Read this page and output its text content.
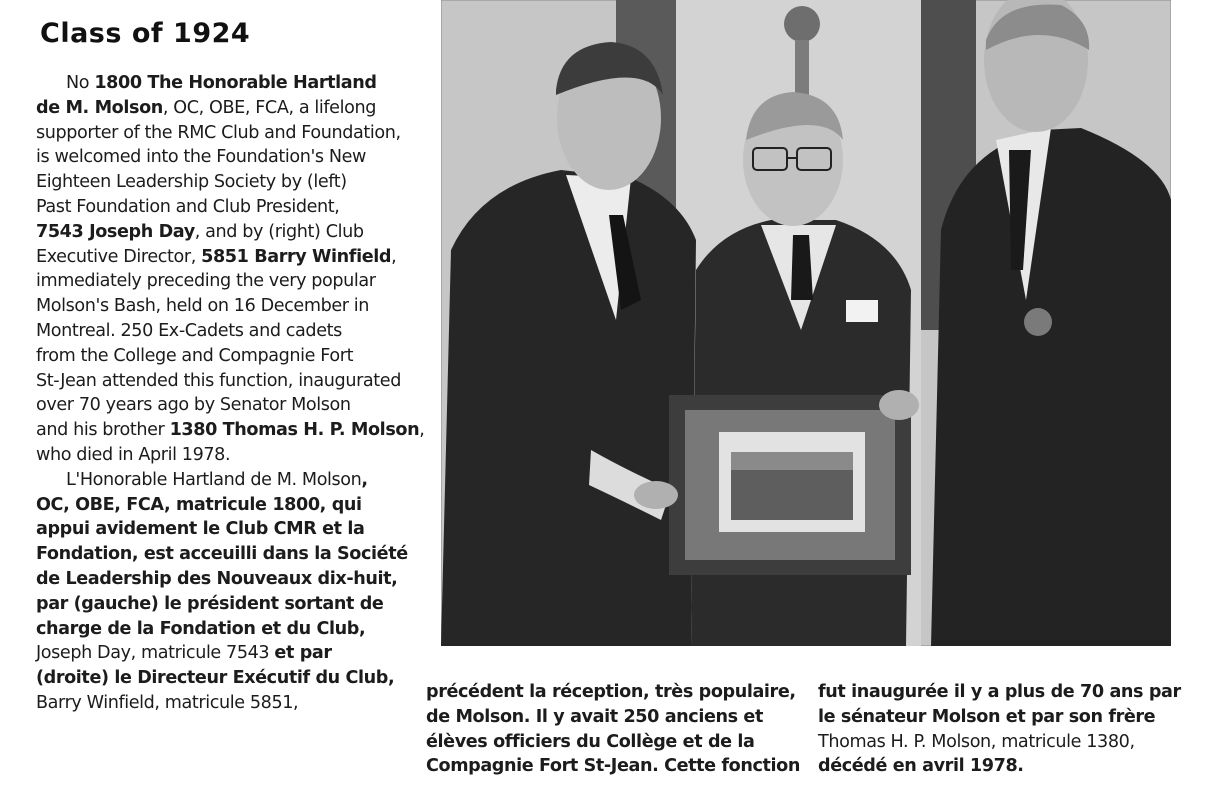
Class of 1924
No 1800 The Honorable Hartland
de M. Molson, OC, OBE, FCA, a lifelong
supporter of the RMC Club and Foundation,
is welcomed into the Foundation's New
Eighteen Leadership Society by (left)
Past Foundation and Club President,
7543 Joseph Day, and by (right) Club
Executive Director, 5851 Barry Winfield,
immediately preceding the very popular
Molson's Bash, held on 16 December in
Montreal. 250 Ex-Cadets and cadets
from the College and Compagnie Fort
St-Jean attended this function, inaugurated
over 70 years ago by Senator Molson
and his brother 1380 Thomas H. P. Molson,
who died in April 1978.
L'Honorable Hartland de M. Molson,
OC, OBE, FCA, matricule 1800, qui
appui avidement le Club CMR et la
Fondation, est acceuilli dans la Société
de Leadership des Nouveaux dix-huit,
par (gauche) le président sortant de
charge de la Fondation et du Club,
Joseph Day, matricule 7543 et par
(droite) le Directeur Exécutif du Club,
Barry Winfield, matricule 5851,
précédent la réception, très populaire,
de Molson. Il y avait 250 anciens et
élèves officiers du Collège et de la
Compagnie Fort St-Jean. Cette fonction
fut inaugurée il y a plus de 70 ans par
le sénateur Molson et par son frère
Thomas H. P. Molson, matricule 1380,
décédé en avril 1978.
